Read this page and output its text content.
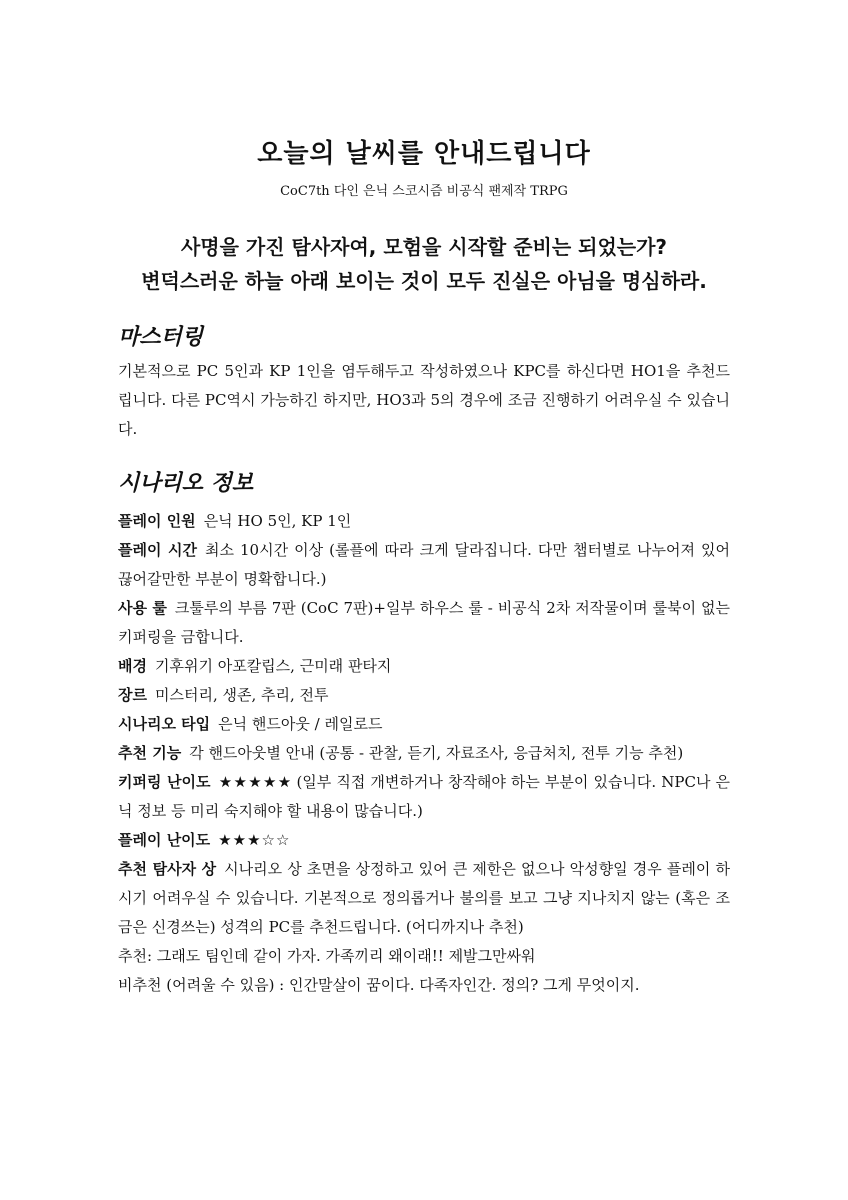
오늘의 날씨를 안내드립니다
CoC7th 다인 은닉 스코시즘 비공식 팬제작 TRPG
사명을 가진 탐사자여, 모험을 시작할 준비는 되었는가?
변덕스러운 하늘 아래 보이는 것이 모두 진실은 아님을 명심하라.
마스터링
기본적으로 PC 5인과 KP 1인을 염두해두고 작성하였으나 KPC를 하신다면 HO1을 추천드립니다. 다른 PC역시 가능하긴 하지만, HO3과 5의 경우에 조금 진행하기 어려우실 수 있습니다.
시나리오 정보

플레이 인원 은닉 HO 5인, KP 1인

플레이 시간 최소 10시간 이상 (롤플에 따라 크게 달라집니다. 다만 챕터별로 나누어져 있어 끊어갈만한 부분이 명확합니다.)

사용 룰 크툴루의 부름 7판 (CoC 7판)+일부 하우스 룰 - 비공식 2차 저작물이며 룰북이 없는 키퍼링을 금합니다.

배경 기후위기 아포칼립스, 근미래 판타지

장르 미스터리, 생존, 추리, 전투

시나리오 타입 은닉 핸드아웃 / 레일로드

추천 기능 각 핸드아웃별 안내 (공통 - 관찰, 듣기, 자료조사, 응급처치, 전투 기능 추천)

키퍼링 난이도 ★★★★★ (일부 직접 개변하거나 창작해야 하는 부분이 있습니다. NPC나 은닉 정보 등 미리 숙지해야 할 내용이 많습니다.)

플레이 난이도 ★★★☆☆

추천 탐사자 상 시나리오 상 초면을 상정하고 있어 큰 제한은 없으나 악성향일 경우 플레이 하시기 어려우실 수 있습니다. 기본적으로 정의롭거나 불의를 보고 그냥 지나치지 않는 (혹은 조금은 신경쓰는) 성격의 PC를 추천드립니다. (어디까지나 추천)

추천: 그래도 팀인데 같이 가자. 가족끼리 왜이래!! 제발그만싸워

비추천 (어려울 수 있음) : 인간말살이 꿈이다. 다족자인간. 정의? 그게 무엇이지.
